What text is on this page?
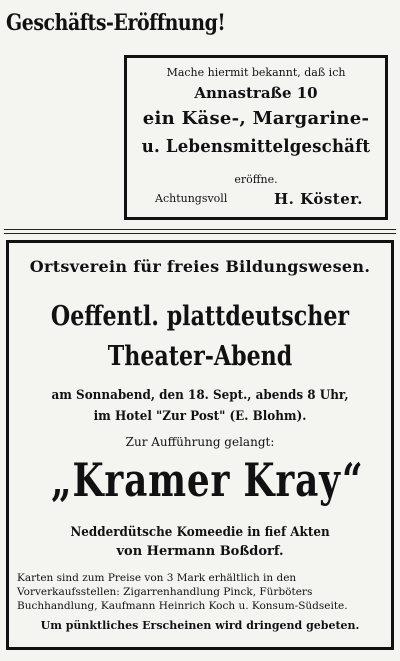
Geschäfts-Eröffnung!
Mache hiermit bekannt, daß ich
Annastraße 10
ein Käse-, Margarine-
u. Lebensmittelgeschäft
eröffne.
Achtungsvoll	H. Köster.
Ortsverein für freies Bildungswesen.
Oeffentl. plattdeutscher
Theater-Abend
am Sonnabend, den 18. Sept., abends 8 Uhr,
im Hotel "Zur Post" (E. Blohm).
Zur Aufführung gelangt:
„Kramer Kray“
Nedderdütsche Komeedie in fief Akten
von Hermann Boßdorf.
Karten sind zum Preise von 3 Mark erhältlich in den
Vorverkaufsstellen: Zigarrenhandlung Pinck, Fürböters
Buchhandlung, Kaufmann Heinrich Koch u. Konsum-Südseite.
Um pünktliches Erscheinen wird dringend gebeten.
